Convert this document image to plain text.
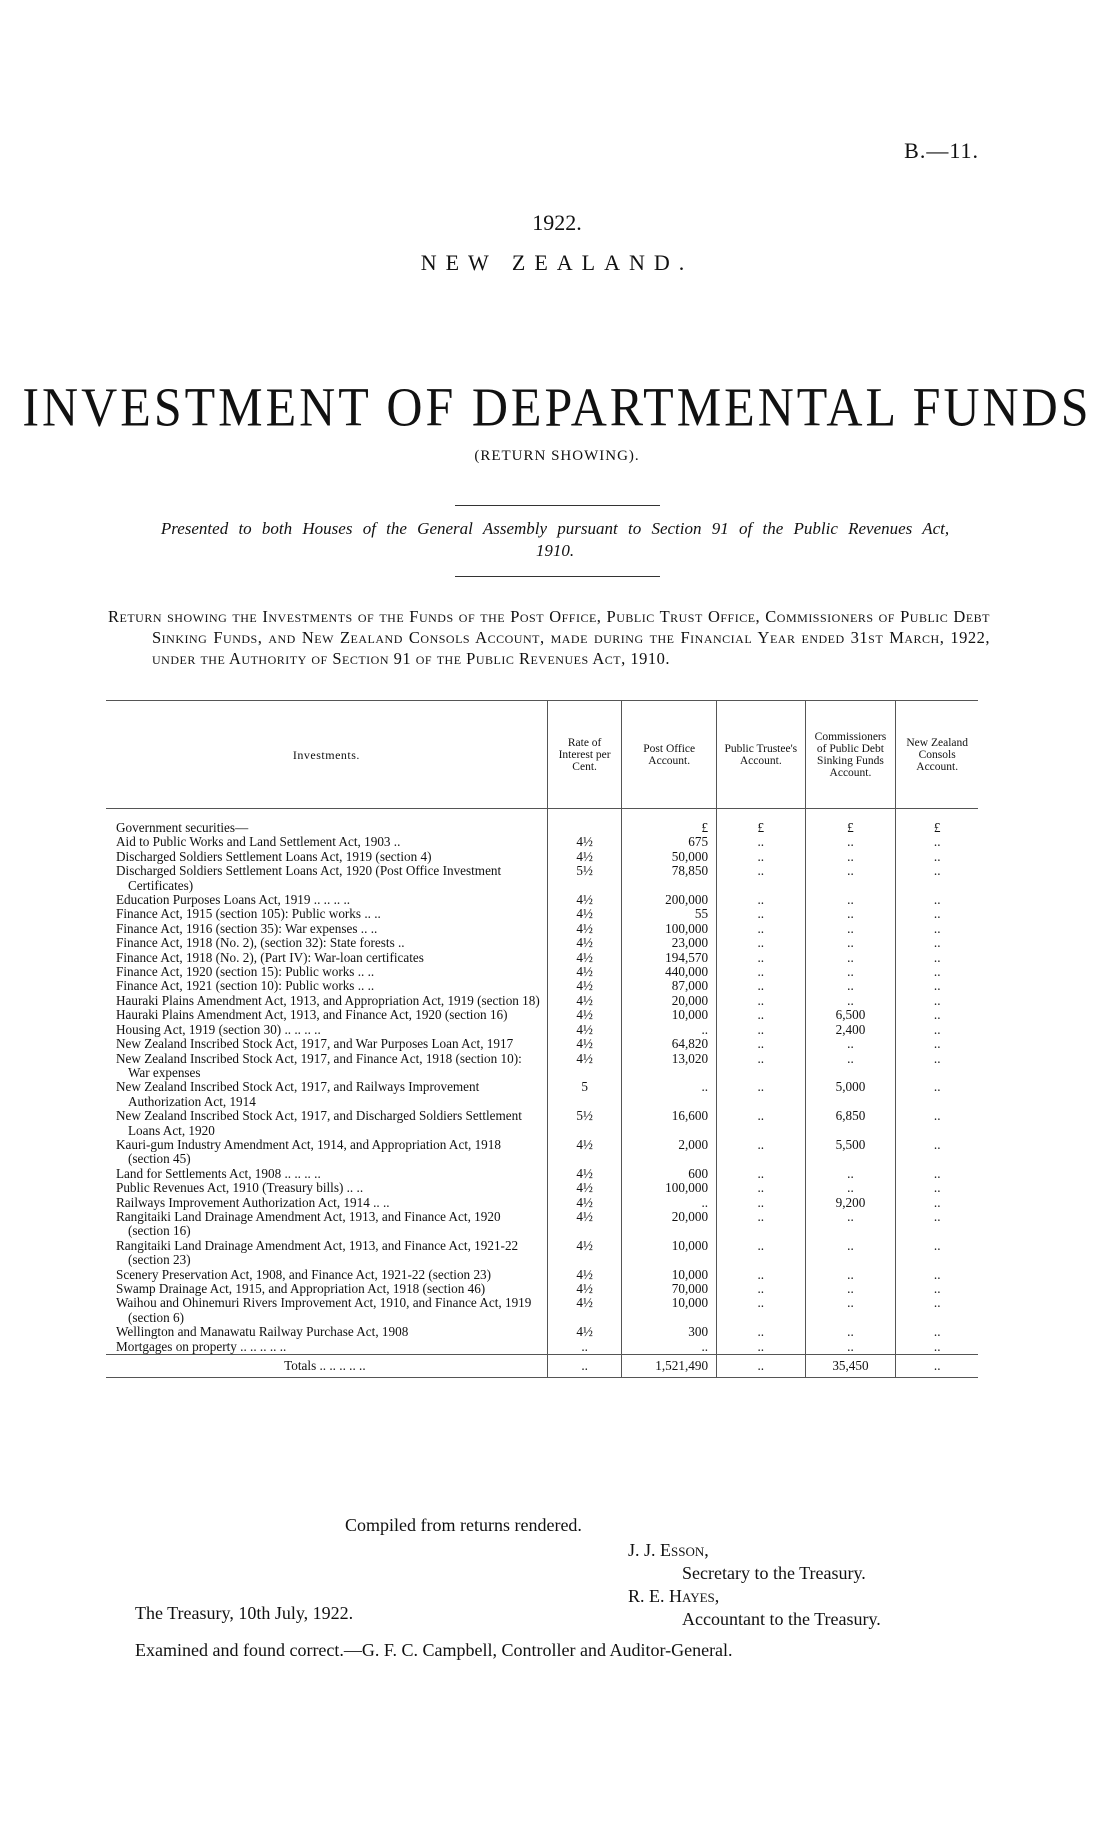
B.—11.
1922.
NEW ZEALAND.
INVESTMENT OF DEPARTMENTAL FUNDS
(RETURN SHOWING).
Presented to both Houses of the General Assembly pursuant to Section 91 of the Public Revenues Act, 1910.
Return showing the Investments of the Funds of the Post Office, Public Trust Office, Commissioners of Public Debt Sinking Funds, and New Zealand Consols Account, made during the Financial Year ended 31st March, 1922, under the Authority of Section 91 of the Public Revenues Act, 1910.
Investments.	Rate of Interest per Cent.	Post Office Account.	Public Trustee's Account.	Commissioners of Public Debt Sinking Funds Account.	New Zealand Consols Account.
Government securities—		£	£	£	£
Aid to Public Works and Land Settlement Act, 1903 ..	4½	675	..	..	..
Discharged Soldiers Settlement Loans Act, 1919 (section 4)	4½	50,000	..	..	..
Discharged Soldiers Settlement Loans Act, 1920 (Post Office Investment Certificates)	5½	78,850	..	..	..
Education Purposes Loans Act, 1919 .. .. .. ..	4½	200,000	..	..	..
Finance Act, 1915 (section 105): Public works .. ..	4½	55	..	..	..
Finance Act, 1916 (section 35): War expenses .. ..	4½	100,000	..	..	..
Finance Act, 1918 (No. 2), (section 32): State forests ..	4½	23,000	..	..	..
Finance Act, 1918 (No. 2), (Part IV): War-loan certificates	4½	194,570	..	..	..
Finance Act, 1920 (section 15): Public works .. ..	4½	440,000	..	..	..
Finance Act, 1921 (section 10): Public works .. ..	4½	87,000	..	..	..
Hauraki Plains Amendment Act, 1913, and Appropriation Act, 1919 (section 18)	4½	20,000	..	..	..
Hauraki Plains Amendment Act, 1913, and Finance Act, 1920 (section 16)	4½	10,000	..	6,500	..
Housing Act, 1919 (section 30) .. .. .. ..	4½	..	..	2,400	..
New Zealand Inscribed Stock Act, 1917, and War Purposes Loan Act, 1917	4½	64,820	..	..	..
New Zealand Inscribed Stock Act, 1917, and Finance Act, 1918 (section 10): War expenses	4½	13,020	..	..	..
New Zealand Inscribed Stock Act, 1917, and Railways Improvement Authorization Act, 1914	5	..	..	5,000	..
New Zealand Inscribed Stock Act, 1917, and Discharged Soldiers Settlement Loans Act, 1920	5½	16,600	..	6,850	..
Kauri-gum Industry Amendment Act, 1914, and Appropriation Act, 1918 (section 45)	4½	2,000	..	5,500	..
Land for Settlements Act, 1908 .. .. .. ..	4½	600	..	..	..
Public Revenues Act, 1910 (Treasury bills) .. ..	4½	100,000	..	..	..
Railways Improvement Authorization Act, 1914 .. ..	4½	..	..	9,200	..
Rangitaiki Land Drainage Amendment Act, 1913, and Finance Act, 1920 (section 16)	4½	20,000	..	..	..
Rangitaiki Land Drainage Amendment Act, 1913, and Finance Act, 1921-22 (section 23)	4½	10,000	..	..	..
Scenery Preservation Act, 1908, and Finance Act, 1921-22 (section 23)	4½	10,000	..	..	..
Swamp Drainage Act, 1915, and Appropriation Act, 1918 (section 46)	4½	70,000	..	..	..
Waihou and Ohinemuri Rivers Improvement Act, 1910, and Finance Act, 1919 (section 6)	4½	10,000	..	..	..
Wellington and Manawatu Railway Purchase Act, 1908	4½	300	..	..	..
Mortgages on property .. .. .. .. ..	..	..	..	..	..
Totals .. .. .. .. ..	..	1,521,490	..	35,450	..
Compiled from returns rendered.
J. J. Esson,
Secretary to the Treasury.
R. E. Hayes,
Accountant to the Treasury.
The Treasury, 10th July, 1922.
Examined and found correct.—G. F. C. Campbell, Controller and Auditor-General.
